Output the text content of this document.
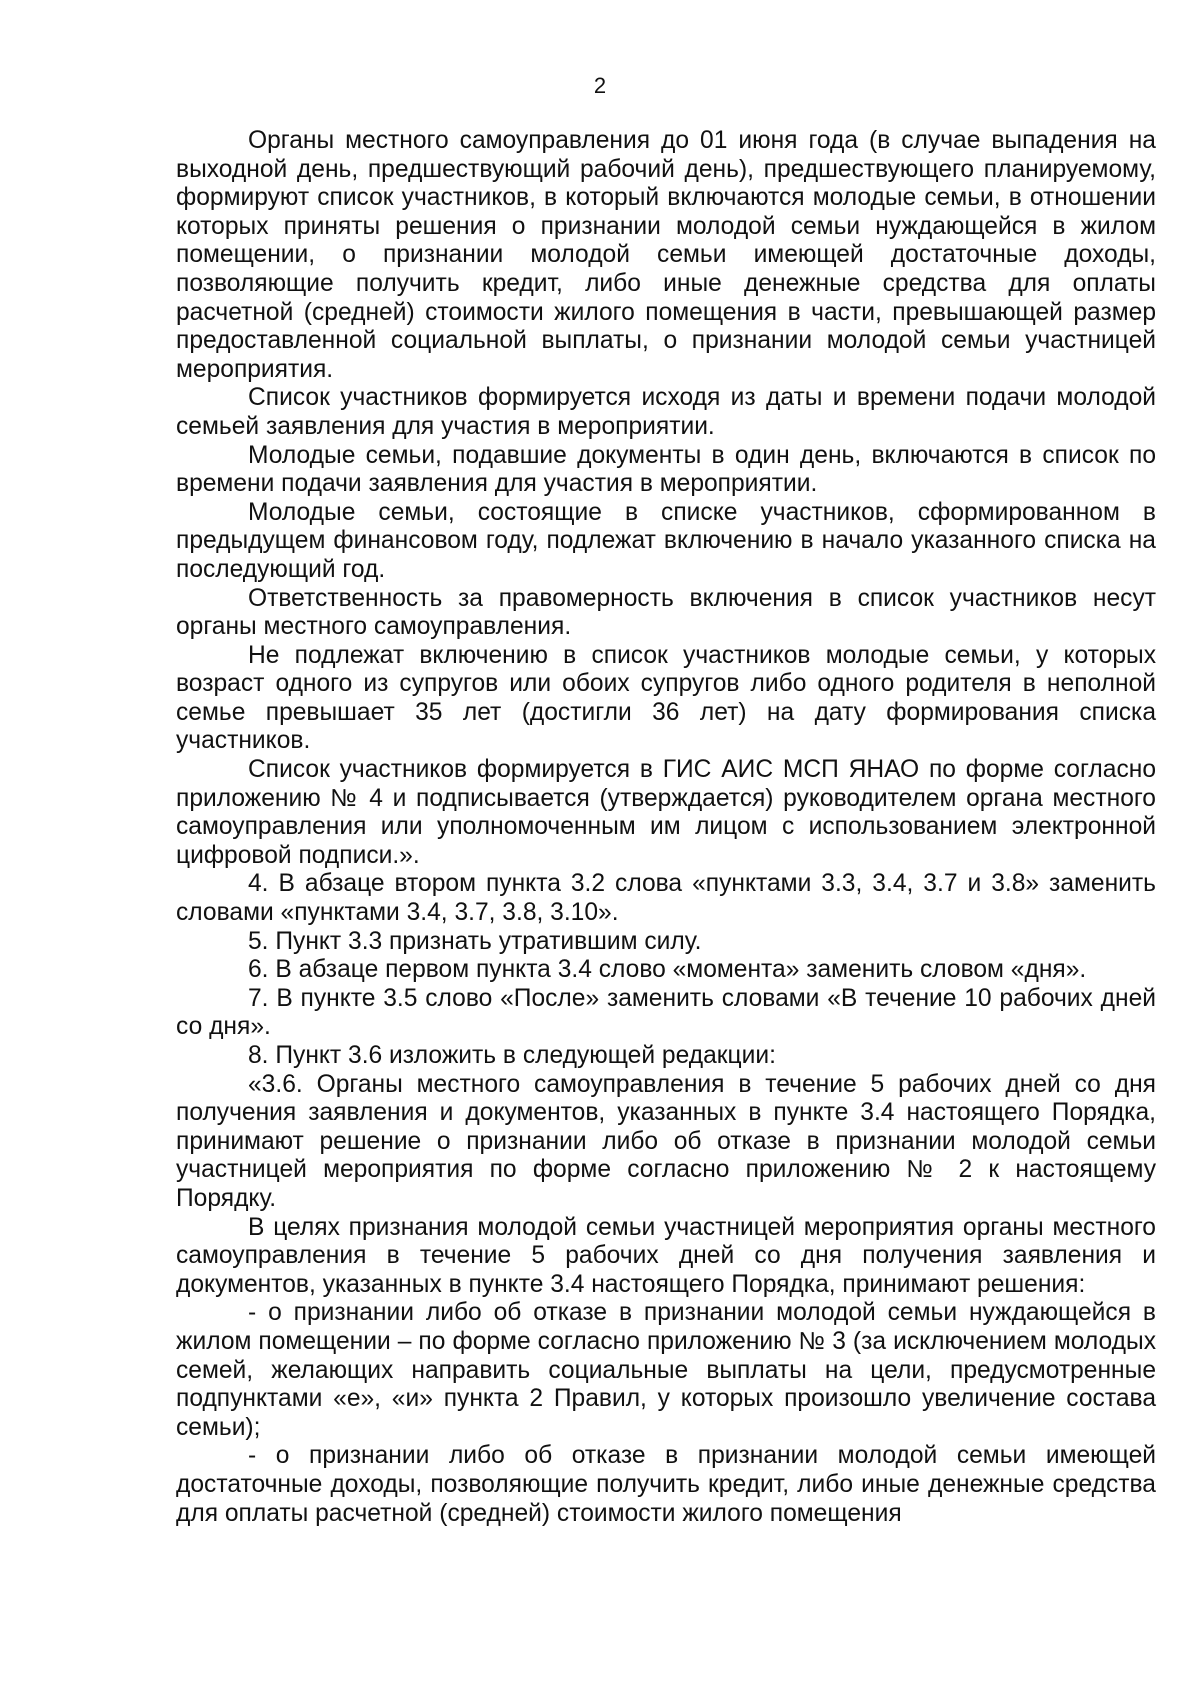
2

Органы местного самоуправления до 01 июня года (в случае выпадения на выходной день, предшествующий рабочий день), предшествующего планируемому, формируют список участников, в который включаются молодые семьи, в отношении которых приняты решения о признании молодой семьи нуждающейся в жилом помещении, о признании молодой семьи имеющей достаточные доходы, позволяющие получить кредит, либо иные денежные средства для оплаты расчетной (средней) стоимости жилого помещения в части, превышающей размер предоставленной социальной выплаты, о признании молодой семьи участницей мероприятия.

Список участников формируется исходя из даты и времени подачи молодой семьей заявления для участия в мероприятии.

Молодые семьи, подавшие документы в один день, включаются в список по времени подачи заявления для участия в мероприятии.

Молодые семьи, состоящие в списке участников, сформированном в предыдущем финансовом году, подлежат включению в начало указанного списка на последующий год.

Ответственность за правомерность включения в список участников несут органы местного самоуправления.

Не подлежат включению в список участников молодые семьи, у которых возраст одного из супругов или обоих супругов либо одного родителя в неполной семье превышает 35 лет (достигли 36 лет) на дату формирования списка участников.

Список участников формируется в ГИС АИС МСП ЯНАО по форме согласно приложению № 4 и подписывается (утверждается) руководителем органа местного самоуправления или уполномоченным им лицом с использованием электронной цифровой подписи.».

4. В абзаце втором пункта 3.2 слова «пунктами 3.3, 3.4, 3.7 и 3.8» заменить словами «пунктами 3.4, 3.7, 3.8, 3.10».

5. Пункт 3.3 признать утратившим силу.

6. В абзаце первом пункта 3.4 слово «момента» заменить словом «дня».

7. В пункте 3.5 слово «После» заменить словами «В течение 10 рабочих дней со дня».

8. Пункт 3.6 изложить в следующей редакции:

«3.6. Органы местного самоуправления в течение 5 рабочих дней со дня получения заявления и документов, указанных в пункте 3.4 настоящего Порядка, принимают решение о признании либо об отказе в признании молодой семьи участницей мероприятия по форме согласно приложению № 2 к настоящему Порядку.

В целях признания молодой семьи участницей мероприятия органы местного самоуправления в течение 5 рабочих дней со дня получения заявления и документов, указанных в пункте 3.4 настоящего Порядка, принимают решения:

- о признании либо об отказе в признании молодой семьи нуждающейся в жилом помещении – по форме согласно приложению № 3 (за исключением молодых семей, желающих направить социальные выплаты на цели, предусмотренные подпунктами «е», «и» пункта 2 Правил, у которых произошло увеличение состава семьи);

- о признании либо об отказе в признании молодой семьи имеющей достаточные доходы, позволяющие получить кредит, либо иные денежные средства для оплаты расчетной (средней) стоимости жилого помещения
